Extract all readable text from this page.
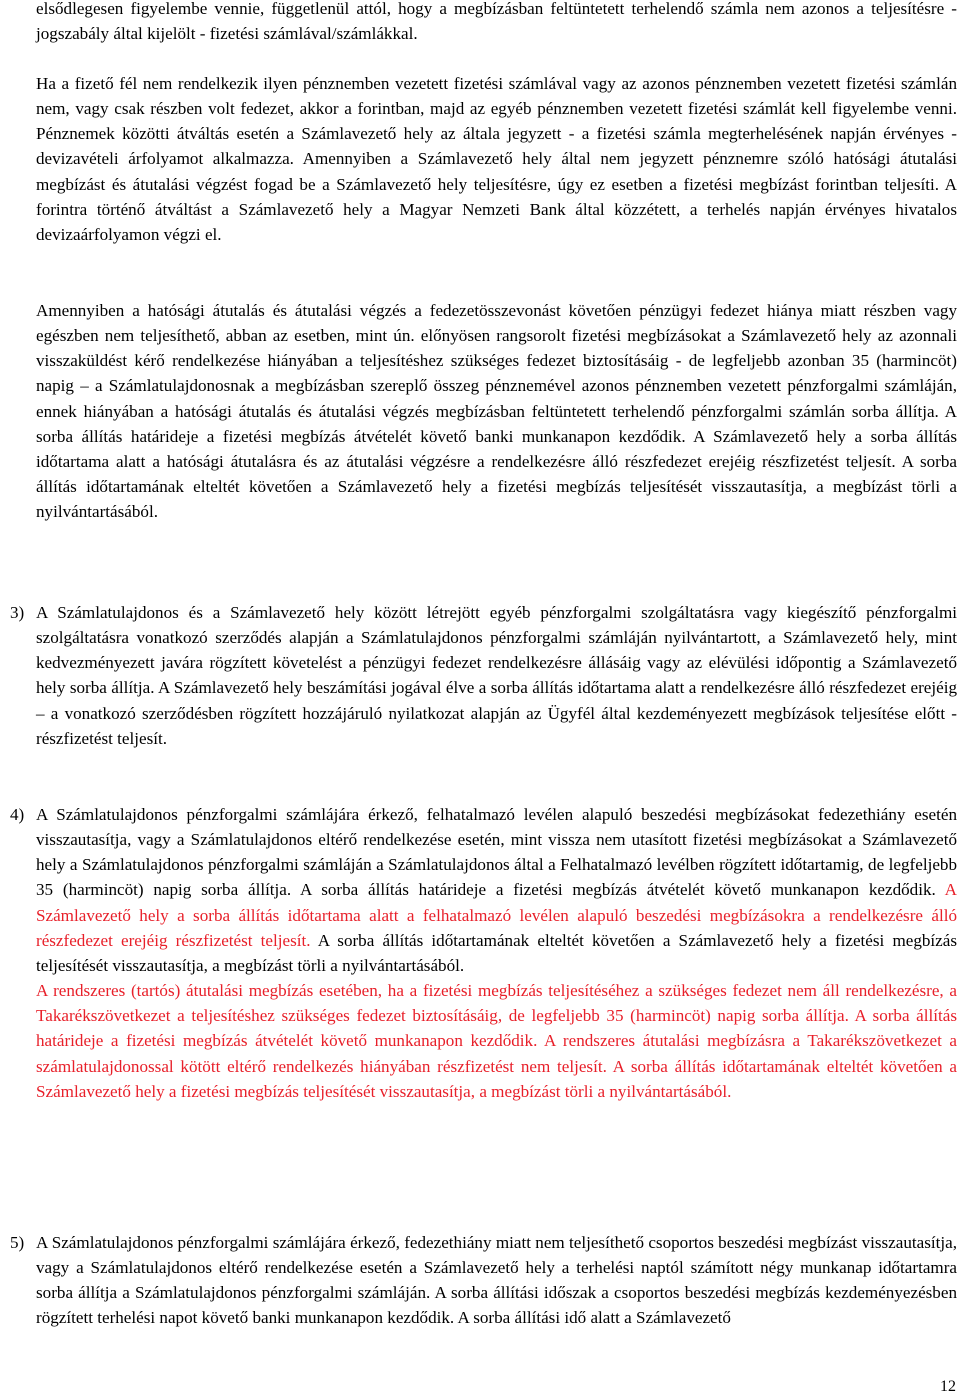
elsődlegesen figyelembe vennie, függetlenül attól, hogy a megbízásban feltüntetett terhelendő számla nem azonos a teljesítésre - jogszabály által kijelölt - fizetési számlával/számlákkal.

Ha a fizető fél nem rendelkezik ilyen pénznemben vezetett fizetési számlával vagy az azonos pénznemben vezetett fizetési számlán nem, vagy csak részben volt fedezet, akkor a forintban, majd az egyéb pénznemben vezetett fizetési számlát kell figyelembe venni. Pénznemek közötti átváltás esetén a Számlavezető hely az általa jegyzett - a fizetési számla megterhelésének napján érvényes - devizavételi árfolyamot alkalmazza. Amennyiben a Számlavezető hely által nem jegyzett pénznemre szóló hatósági átutalási megbízást és átutalási végzést fogad be a Számlavezető hely teljesítésre, úgy ez esetben a fizetési megbízást forintban teljesíti. A forintra történő átváltást a Számlavezető hely a Magyar Nemzeti Bank által közzétett, a terhelés napján érvényes hivatalos devizaárfolyamon végzi el.

Amennyiben a hatósági átutalás és átutalási végzés a fedezetösszevonást követően pénzügyi fedezet hiánya miatt részben vagy egészben nem teljesíthető, abban az esetben, mint ún. előnyösen rangsorolt fizetési megbízásokat a Számlavezető hely az azonnali visszaküldést kérő rendelkezése hiányában a teljesítéshez szükséges fedezet biztosításáig - de legfeljebb azonban 35 (harmincöt) napig – a Számlatulajdonosnak a megbízásban szereplő összeg pénznemével azonos pénznemben vezetett pénzforgalmi számláján, ennek hiányában a hatósági átutalás és átutalási végzés megbízásban feltüntetett terhelendő pénzforgalmi számlán sorba állítja. A sorba állítás határideje a fizetési megbízás átvételét követő banki munkanapon kezdődik. A Számlavezető hely a sorba állítás időtartama alatt a hatósági átutalásra és az átutalási végzésre a rendelkezésre álló részfedezet erejéig részfizetést teljesít. A sorba állítás időtartamának elteltét követően a Számlavezető hely a fizetési megbízás teljesítését visszautasítja, a megbízást törli a nyilvántartásából.

3) A Számlatulajdonos és a Számlavezető hely között létrejött egyéb pénzforgalmi szolgáltatásra vagy kiegészítő pénzforgalmi szolgáltatásra vonatkozó szerződés alapján a Számlatulajdonos pénzforgalmi számláján nyilvántartott, a Számlavezető hely, mint kedvezményezett javára rögzített követelést a pénzügyi fedezet rendelkezésre állásáig vagy az elévülési időpontig a Számlavezető hely sorba állítja. A Számlavezető hely beszámítási jogával élve a sorba állítás időtartama alatt a rendelkezésre álló részfedezet erejéig – a vonatkozó szerződésben rögzített hozzájáruló nyilatkozat alapján az Ügyfél által kezdeményezett megbízások teljesítése előtt - részfizetést teljesít.
4) A Számlatulajdonos pénzforgalmi számlájára érkező, felhatalmazó levélen alapuló beszedési megbízásokat fedezethiány esetén visszautasítja, vagy a Számlatulajdonos eltérő rendelkezése esetén, mint vissza nem utasított fizetési megbízásokat a Számlavezető hely a Számlatulajdonos pénzforgalmi számláján a Számlatulajdonos által a Felhatalmazó levélben rögzített időtartamig, de legfeljebb 35 (harmincöt) napig sorba állítja. A sorba állítás határideje a fizetési megbízás átvételét követő munkanapon kezdődik. A Számlavezető hely a sorba állítás időtartama alatt a felhatalmazó levélen alapuló beszedési megbízásokra a rendelkezésre álló részfedezet erejéig részfizetést teljesít. A sorba állítás időtartamának elteltét követően a Számlavezető hely a fizetési megbízás teljesítését visszautasítja, a megbízást törli a nyilvántartásából.
A rendszeres (tartós) átutalási megbízás esetében, ha a fizetési megbízás teljesítéséhez a szükséges fedezet nem áll rendelkezésre, a Takarékszövetkezet a teljesítéshez szükséges fedezet biztosításáig, de legfeljebb 35 (harmincöt) napig sorba állítja. A sorba állítás határideje a fizetési megbízás átvételét követő munkanapon kezdődik. A rendszeres átutalási megbízásra a Takarékszövetkezet a számlatulajdonossal kötött eltérő rendelkezés hiányában részfizetést nem teljesít. A sorba állítás időtartamának elteltét követően a Számlavezető hely a fizetési megbízás teljesítését visszautasítja, a megbízást törli a nyilvántartásából.
5) A Számlatulajdonos pénzforgalmi számlájára érkező, fedezethiány miatt nem teljesíthető csoportos beszedési megbízást visszautasítja, vagy a Számlatulajdonos eltérő rendelkezése esetén a Számlavezető hely a terhelési naptól számított négy munkanap időtartamra sorba állítja a Számlatulajdonos pénzforgalmi számláján. A sorba állítási időszak a csoportos beszedési megbízás kezdeményezésben rögzített terhelési napot követő banki munkanapon kezdődik. A sorba állítási idő alatt a Számlavezető
12
